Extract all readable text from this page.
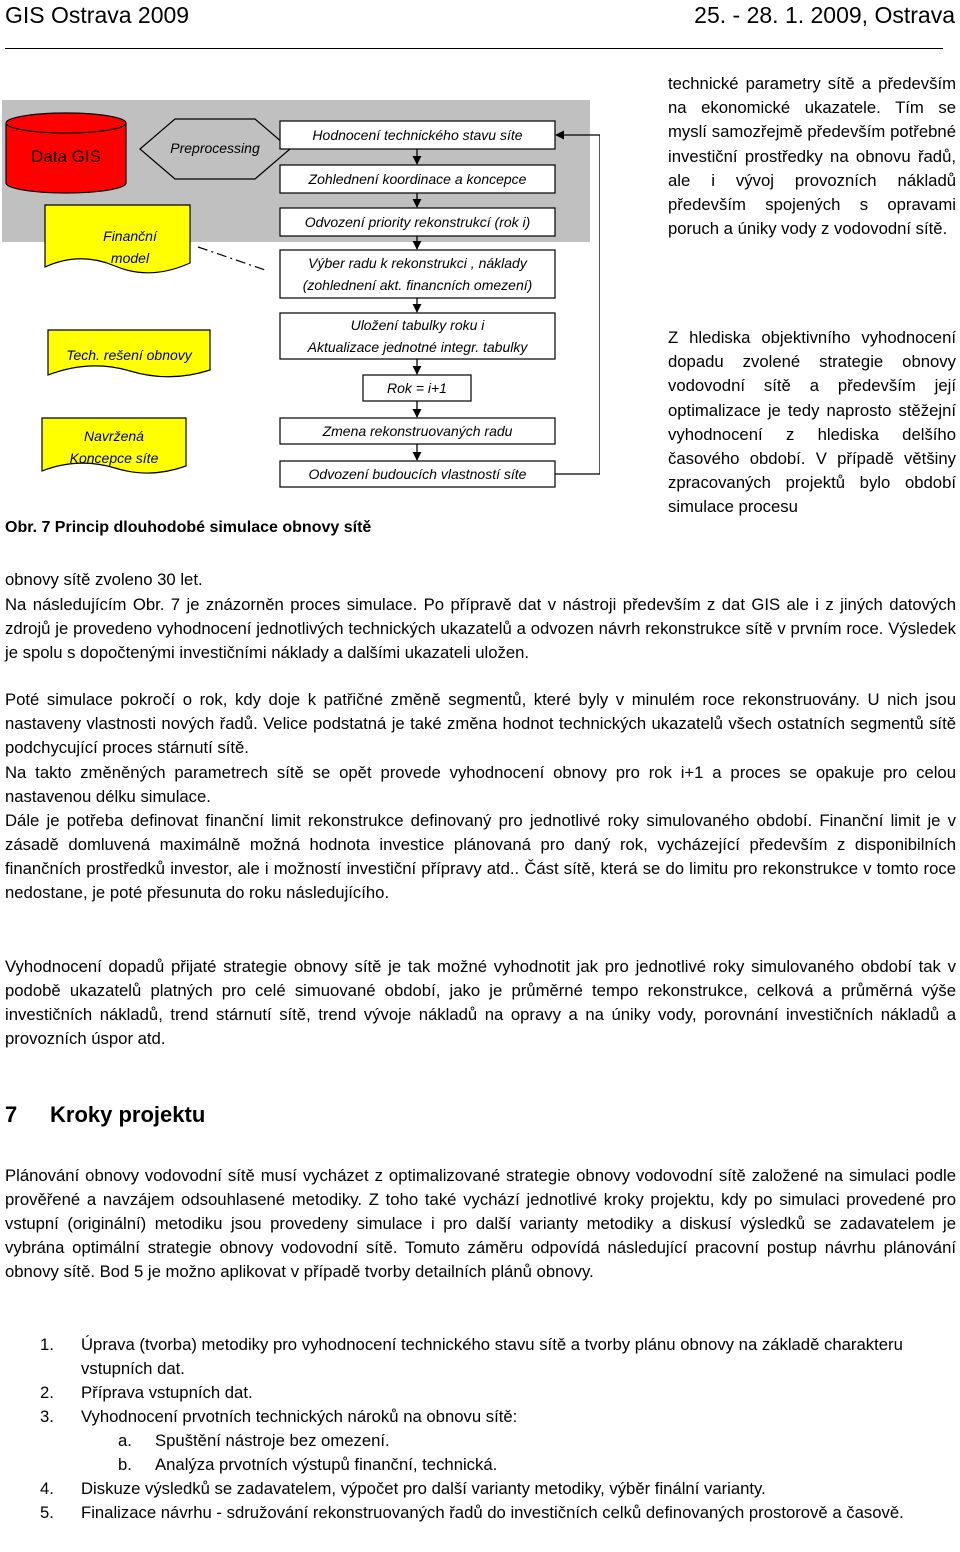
GIS Ostrava 2009	25. - 28. 1. 2009, Ostrava
Data GIS	Preprocessing
Finanční
model
Tech. rešení obnovy
Navržená
Koncepce síte
Hodnocení technického stavu síte
Zohlednení koordinace a koncepce
Odvození priority rekonstrukcí (rok i)
Výber radu k rekonstrukci , náklady
(zohlednení akt. financních omezení)
Uložení tabulky roku i
Aktualizace jednotné integr. tabulky
Rok = i+1
Zmena rekonstruovaných radu
Odvození budoucích vlastností síte
Obr. 7 Princip dlouhodobé simulace obnovy sítě

technické parametry sítě a především na ekonomické ukazatele. Tím se myslí samozřejmě především potřebné investiční prostředky na obnovu řadů, ale i vývoj provozních nákladů především spojených s opravami poruch a úniky vody z vodovodní sítě.

Z hlediska objektivního vyhodnocení dopadu zvolené strategie obnovy vodovodní sítě a především její optimalizace je tedy naprosto stěžejní vyhodnocení z hlediska delšího časového období. V případě většiny zpracovaných projektů bylo období simulace procesu

obnovy sítě zvoleno 30 let.

Na následujícím Obr. 7 je znázorněn proces simulace. Po přípravě dat v nástroji především z dat GIS ale i z jiných datových zdrojů je provedeno vyhodnocení jednotlivých technických ukazatelů a odvozen návrh rekonstrukce sítě v prvním roce. Výsledek je spolu s dopočtenými investičními náklady a dalšími ukazateli uložen.

Poté simulace pokročí o rok, kdy doje k patřičné změně segmentů, které byly v minulém roce rekonstruovány. U nich jsou nastaveny vlastnosti nových řadů. Velice podstatná je také změna hodnot technických ukazatelů všech ostatních segmentů sítě podchycující proces stárnutí sítě.

Na takto změněných parametrech sítě se opět provede vyhodnocení obnovy pro rok i+1 a proces se opakuje pro celou nastavenou délku simulace.

Dále je potřeba definovat finanční limit rekonstrukce definovaný pro jednotlivé roky simulovaného období. Finanční limit je v zásadě domluvená maximálně možná hodnota investice plánovaná pro daný rok, vycházející především z disponibilních finančních prostředků investor, ale i možností investiční přípravy atd.. Část sítě, která se do limitu pro rekonstrukce v tomto roce nedostane, je poté přesunuta do roku následujícího.

Vyhodnocení dopadů přijaté strategie obnovy sítě je tak možné vyhodnotit jak pro jednotlivé roky simulovaného období tak v podobě ukazatelů platných pro celé simuované období, jako je průměrné tempo rekonstrukce, celková a průměrná výše investičních nákladů, trend stárnutí sítě, trend vývoje nákladů na opravy a na úniky vody, porovnání investičních nákladů a provozních úspor atd.

7 Kroky projektu

Plánování obnovy vodovodní sítě musí vycházet z optimalizované strategie obnovy vodovodní sítě založené na simulaci podle prověřené a navzájem odsouhlasené metodiky. Z toho také vychází jednotlivé kroky projektu, kdy po simulaci provedené pro vstupní (originální) metodiku jsou provedeny simulace i pro další varianty metodiky a diskusí výsledků se zadavatelem je vybrána optimální strategie obnovy vodovodní sítě. Tomuto záměru odpovídá následující pracovní postup návrhu plánování obnovy sítě. Bod 5 je možno aplikovat v případě tvorby detailních plánů obnovy.

1. Úprava (tvorba) metodiky pro vyhodnocení technického stavu sítě a tvorby plánu obnovy na základě charakteru vstupních dat.
2. Příprava vstupních dat.
3. Vyhodnocení prvotních technických nároků na obnovu sítě:
a. Spuštění nástroje bez omezení.
b. Analýza prvotních výstupů finanční, technická.
4. Diskuze výsledků se zadavatelem, výpočet pro další varianty metodiky, výběr finální varianty.
5. Finalizace návrhu - sdružování rekonstruovaných řadů do investičních celků definovaných prostorově a časově.
